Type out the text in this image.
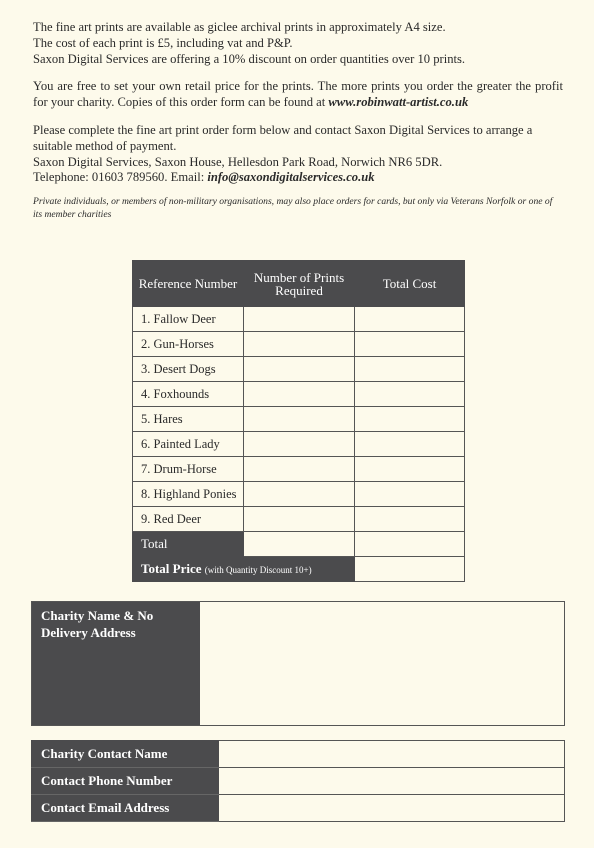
The fine art prints are available as giclee archival prints in approximately A4 size.
The cost of each print is £5, including vat and P&P.
Saxon Digital Services are offering a 10% discount on order quantities over 10 prints.

You are free to set your own retail price for the prints. The more prints you order the greater the profit for your charity. Copies of this order form can be found at www.robinwatt-artist.co.uk

Please complete the fine art print order form below and contact Saxon Digital Services to arrange a suitable method of payment.
Saxon Digital Services, Saxon House, Hellesdon Park Road, Norwich NR6 5DR.
Telephone: 01603 789560. Email: info@saxondigitalservices.co.uk

Private individuals, or members of non-military organisations, may also place orders for cards, but only via Veterans Norfolk or one of its member charities

Reference Number	Number of Prints Required	Total Cost
1. Fallow Deer		
2. Gun-Horses		
3. Desert Dogs		
4. Foxhounds		
5. Hares		
6. Painted Lady		
7. Drum-Horse		
8. Highland Ponies		
9. Red Deer		
Total		
Total Price (with Quantity Discount 10+)		
Charity Name & No
Delivery Address
Charity Contact Name	
Contact Phone Number	
Contact Email Address	
